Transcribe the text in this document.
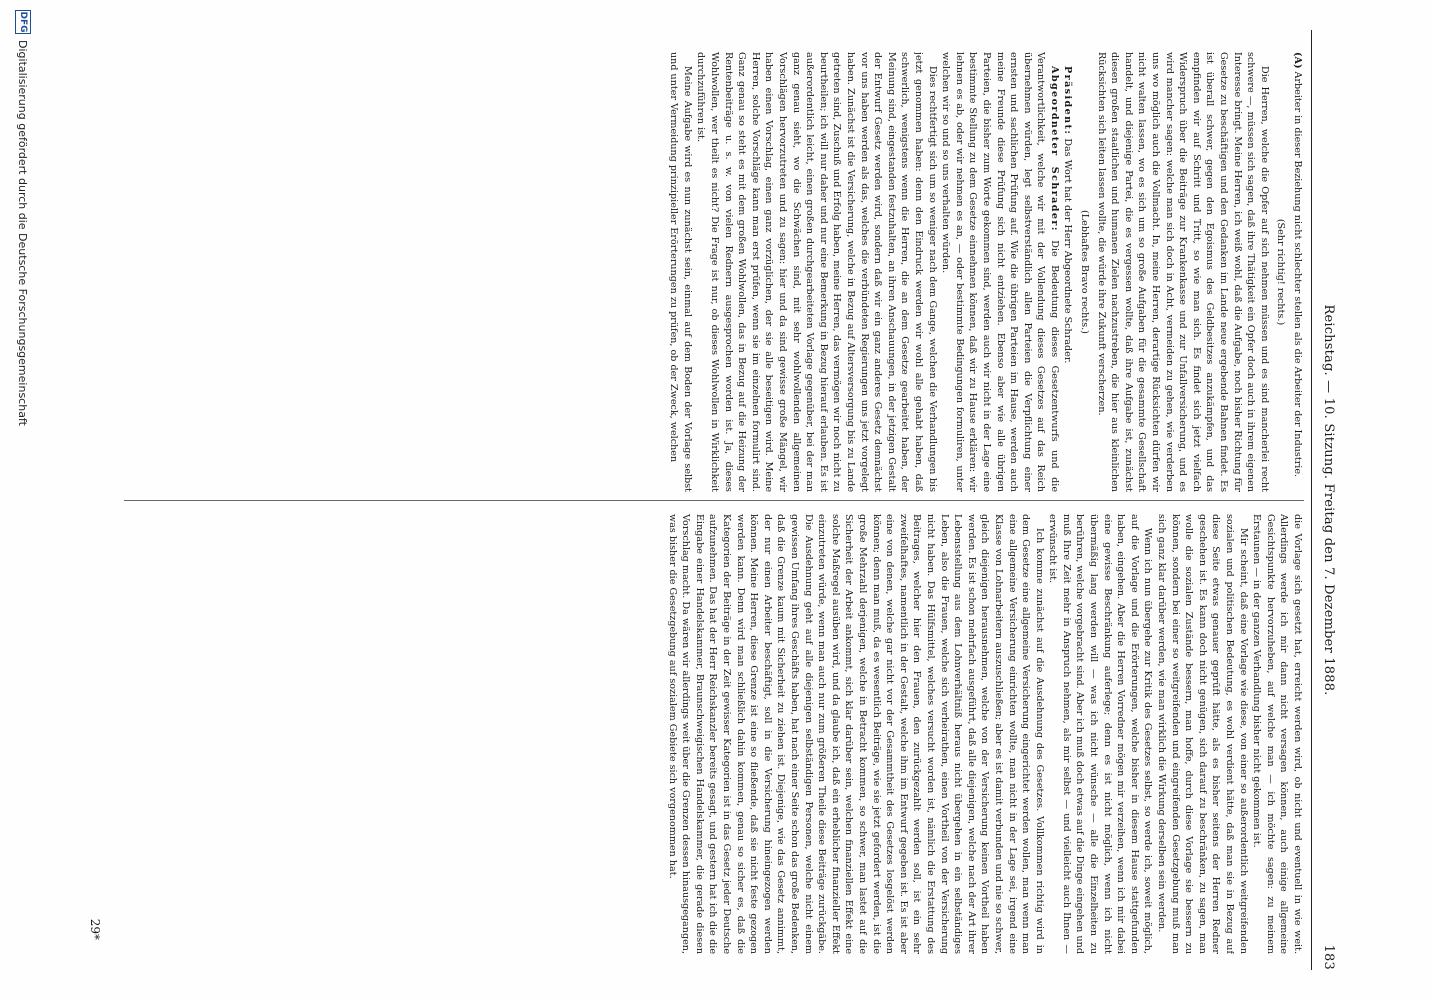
Reichstag. — 10. Sitzung. Freitag den 7. Dezember 1888.
183

(A)Arbeiter in dieser Beziehung nicht schlechter stellen als die Arbeiter der Industrie.

(Sehr richtig! rechts.)

Die Herren, welche die Opfer auf sich nehmen müssen und es sind mancherlei recht schwere —, müssen sich sagen, daß ihre Thätigkeit ein Opfer doch auch in ihrem eigenen Interesse bringt. Meine Herren, ich weiß wohl, daß die Aufgabe, noch bisher Richtung für Gesetze zu beschäftigen und den Gedanken im Lande neue ergebende Bahnen findet. Es ist überall schwer, gegen den Egoismus des Geldbesitzes anzukämpfen, und das empfinden wir auf Schritt und Tritt, so wie man sich. Es findet sich jetzt vielfach Widerspruch über die Beiträge zur Krankenkasse und zur Unfallversicherung, und es wird mancher sagen: welche man sich doch in Acht, vermeiden zu gehen, wie verderben uns wo möglich auch die Vollmacht. In, meine Herren, derartige Rücksichten dürfen wir nicht walten lassen, wo es sich um so große Aufgaben für die gesammte Gesellschaft handelt, und diejenige Partei, die es vergessen wollte, daß ihre Aufgabe ist, zunächst diesen großen staatlichen und humanen Zielen nachzustreben, die hier aus kleinlichen Rücksichten sich leiten lassen wollte, die würde ihre Zukunft verscherzen.

(Lebhaftes Bravo rechts.)

Präsident: Das Wort hat der Herr Abgeordnete Schrader.

Abgeordneter Schrader: Die Bedeutung dieses Gesetzentwurfs und die Verantwortlichkeit, welche wir mit der Vollendung dieses Gesetzes auf das Reich übernehmen würden, legt selbstverständlich allen Parteien die Verpflichtung einer ernsten und sachlichen Prüfung auf. Wie die übrigen Parteien im Hause, werden auch meine Freunde diese Prüfung sich nicht entziehen. Ebenso aber wie alle übrigen Parteien, die bisher zum Worte gekommen sind, werden auch wir nicht in der Lage eine bestimmte Stellung zu dem Gesetze einnehmen können, daß wir zu Hause erklären: wir lehnen es ab, oder wir nehmen es an, — oder bestimmte Bedingungen formuliren, unter welchen wir so und so uns verhalten würden.

Dies rechtfertigt sich um so weniger nach dem Gange, welchen die Verhandlungen bis jetzt genommen haben: denn den Eindruck werden wir wohl alle gehabt haben, daß schwerlich, wenigstens wenn die Herren, die an dem Gesetze gearbeitet haben, der Meinung sind, eingestanden festzuhalten, an ihren Anschauungen, in der jetzigen Gestalt der Entwurf Gesetz werden wird, sondern daß wir ein ganz anderes Gesetz demnächst vor uns haben werden als das, welches die verbündeten Regierungen uns jetzt vorgelegt haben. Zunächst ist die Versicherung, welche in Bezug auf Altersversorgung bis zu Lande getreten sind, Zuschuß und Erfolg haben, meine Herren, das vermögen wir noch nicht zu beurtheilen; ich will nur daher und nur eine Bemerkung in Bezug hierauf erlauben. Es ist außerordentlich leicht, einen großen durchgearbeiteten Vorlage gegenüber, bei der man ganz genau sieht, wo die Schwächen sind, mit sehr wohlwollenden allgemeinen Vorschlägen hervorzutreten und zu sagen: hier und da sind gewisse große Mängel, wir haben einen Vorschlag, einen ganz vorzüglichen, der sie alle beseitigen wird. Meine Herren, solche Vorschläge kann man erst prüfen, wenn sie im einzelnen formulirt sind. Ganz genau so steht es mit dem großen Wohlwollen, das in Bezug auf die Heizung der Rentenbeiträge u. s. w. von vielen Rednern ausgesprochen worden ist. Ja, dieses Wohlwollen, wer theilt es nicht? Die Frage ist nur, ob dieses Wohlwollen in Wirklichkeit durchzuführen ist.

Meine Aufgabe wird es nun zunächst sein, einmal auf dem Boden der Vorlage selbst und unter Vermeidung prinzipieller Erörterungen zu prüfen, ob der Zweck, welchen

die Vorlage sich gesetzt hat, erreicht werden wird, ob nicht und eventuell in wie weit. Allerdings werde ich mir dann nicht versagen können, auch einige allgemeine Gesichtspunkte hervorzuheben, auf welche man — ich möchte sagen: zu meinem Erstaunen — in der ganzen Verhandlung bisher nicht gekommen ist.

Mir scheint, daß eine Vorlage wie diese, von einer so außerordentlich weitgreifenden sozialen und politischen Bedeutung, es wohl verdient hätte, daß man sie in Bezug auf diese Seite etwas genauer geprüft hätte, als es bisher seitens der Herren Redner geschehen ist. Es kann doch nicht genügen, sich darauf zu beschränken, zu sagen, man wolle die sozialen Zustände bessern, man hoffe, durch diese Vorlage sie bessern zu können, sondern bei einer so weitgreifenden und eingreifenden Gesetzgebung muß man sich ganz klar darüber werden, wie man wirklich die Wirkung derselben sein werden.

Wenn ich nun übergehe zur Kritik des Gesetzes selbst, so werde ich, soweit möglich, auf die Vorlage und die Erörterungen, welche bisher in diesem Hause stattgefunden haben, eingehen. Aber die Herren Vorredner mögen mir verzeihen, wenn ich mir dabei eine gewisse Beschränkung auferlege; denn es ist nicht möglich, wenn ich nicht übermäßig lang werden will — was ich nicht wünsche — alle die Einzelheiten zu berühren, welche vorgebracht sind. Aber ich muß doch etwas auf die Dinge eingehen und muß Ihre Zeit mehr in Anspruch nehmen, als mir selbst — und vielleicht auch Ihnen — erwünscht ist.

Ich komme zunächst auf die Ausdehnung des Gesetzes. Vollkommen richtig wird in dem Gesetze eine allgemeine Versicherung eingerichtet werden wollen, man wenn man eine allgemeine Versicherung einrichten wollte, man nicht in der Lage sei, irgend eine Klasse von Lohnarbeitern auszuschließen; aber es ist damit verbunden und nie so schwer, gleich diejenigen herausnehmen, welche von der Versicherung keinen Vortheil haben werden. Es ist schon mehrfach ausgeführt, daß alle diejenigen, welche nach der Art ihrer Lebensstellung aus dem Lohnverhältniß heraus nicht übergehen in ein selbständiges Leben, also die Frauen, welche sich verheirathen, einen Vortheil von der Versicherung nicht haben. Das Hülfsmittel, welches versucht worden ist, nämlich die Erstattung des Beitrages, welcher hier den Frauen, den zurückgezahlt werden soll, ist ein sehr zweifelhaftes, namentlich in der Gestalt, welche ihm im Entwurf gegeben ist. Es ist aber eine von denen, welche gar nicht vor der Gesammtheit des Gesetzes losgelöst werden können; denn man muß, da es wesentlich Beiträge, wie sie jetzt gefordert werden, ist die große Mehrzahl derjenigen, welche in Betracht kommen, so schwer, man lastet auf die Sicherheit der Arbeit ankommt, sich klar darüber sein, welchen finanziellen Effekt eine solche Maßregel ausüben wird, und da glaube ich, daß ein erheblicher finanzieller Effekt einzutreten würde, wenn man auch nur zum größeren Theile diese Beiträge zurückgäbe. Die Ausdehnung geht auf alle diejenigen selbständigen Personen, welche nicht einem gewissen Umfang ihres Geschäfts haben, hat nach einer Seite schon das große Bedenken, daß die Grenze kaum mit Sicherheit zu ziehen ist. Diejenige, wie das Gesetz annimmt, der nur einen Arbeiter beschäftigt, soll in die Versicherung hineingezogen werden können. Meine Herren, diese Grenze ist eine so fließende, daß sie nicht feste gezogen werden kann. Denn wird man schließlich dahin kommen, genau so sicher es, daß die Kategorien der Beiträge in der Zeit gewisser Kategorien ist in das Gesetz jeder Deutsche aufzunehmen. Das hat der Herr Reichskanzler bereits gesagt, und gestern hat ich die die Eingabe einer Handelskammer, Braunschweigischen Handelskammer, die gerade diesen Vorschlag macht. Da wären wir allerdings weit über die Grenzen dessen hinausgegangen, was bisher die Gesetzgebung auf sozialem Gebiete sich vorgenommen hat.

29*
DFG
Digitalisierung gefördert durch die Deutsche Forschungsgemeinschaft
